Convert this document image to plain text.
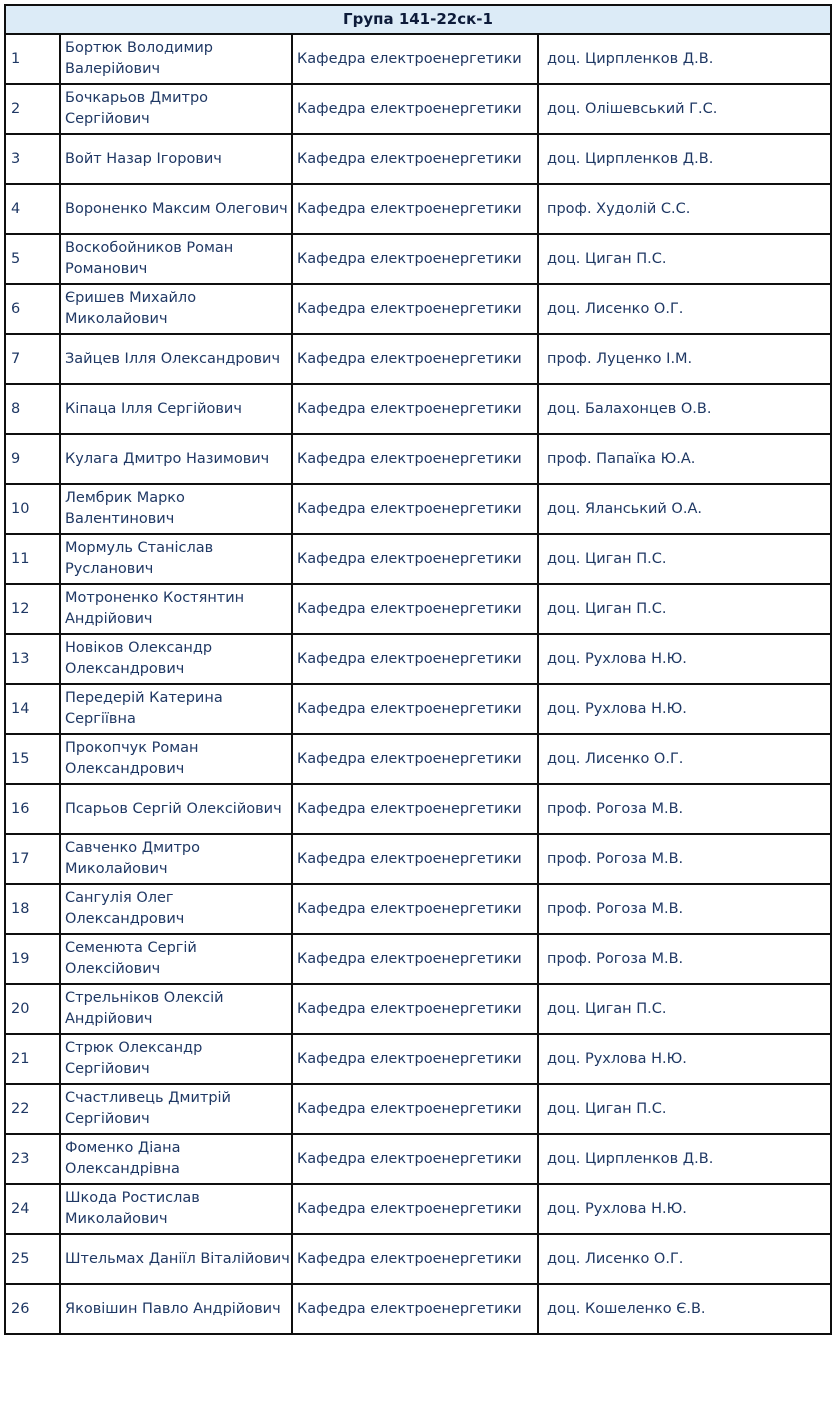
Група 141-22ск-1			
1	Бортюк Володимир Валерійович	Кафедра електроенергетики	доц. Циpпленков Д.В.
2	Бочкарьов Дмитро Сергійович	Кафедра електроенергетики	доц. Олішевський Г.С.
3	Войт Назар Ігорович	Кафедра електроенергетики	доц. Циpпленков Д.В.
4	Вороненко Максим Олегович	Кафедра електроенергетики	проф. Худолій С.С.
5	Воскобойников Роман Романович	Кафедра електроенергетики	доц. Циган П.С.
6	Єришев Михайло Миколайович	Кафедра електроенергетики	доц. Лисенко О.Г.
7	Зайцев Ілля Олександрович	Кафедра електроенергетики	проф. Луценко І.М.
8	Кіпаца Ілля Сергійович	Кафедра електроенергетики	доц. Балахонцев О.В.
9	Кулага Дмитро Назимович	Кафедра електроенергетики	проф. Папаїка Ю.А.
10	Лембрик Марко Валентинович	Кафедра електроенергетики	доц. Яланський О.А.
11	Мормуль Станіслав Русланович	Кафедра електроенергетики	доц. Циган П.С.
12	Мотроненко Костянтин Андрійович	Кафедра електроенергетики	доц. Циган П.С.
13	Новіков Олександр Олександрович	Кафедра електроенергетики	доц. Рухлова Н.Ю.
14	Передерій Катерина Сергіївна	Кафедра електроенергетики	доц. Рухлова Н.Ю.
15	Прокопчук Роман Олександрович	Кафедра електроенергетики	доц. Лисенко О.Г.
16	Псарьов Сергій Олексійович	Кафедра електроенергетики	проф. Рогоза М.В.
17	Савченко Дмитро Миколайович	Кафедра електроенергетики	проф. Рогоза М.В.
18	Сангулія Олег Олександрович	Кафедра електроенергетики	проф. Рогоза М.В.
19	Семенюта Сергій Олексійович	Кафедра електроенергетики	проф. Рогоза М.В.
20	Стрельніков Олексій Андрійович	Кафедра електроенергетики	доц. Циган П.С.
21	Стрюк Олександр Сергійович	Кафедра електроенергетики	доц. Рухлова Н.Ю.
22	Счастливець Дмитрій Сергійович	Кафедра електроенергетики	доц. Циган П.С.
23	Фоменко Діана Олександрівна	Кафедра електроенергетики	доц. Циpпленков Д.В.
24	Шкода Ростислав Миколайович	Кафедра електроенергетики	доц. Рухлова Н.Ю.
25	Штельмах Даніїл Віталійович	Кафедра електроенергетики	доц. Лисенко О.Г.
26	Яковішин Павло Андрійович	Кафедра електроенергетики	доц. Кошеленко Є.В.
